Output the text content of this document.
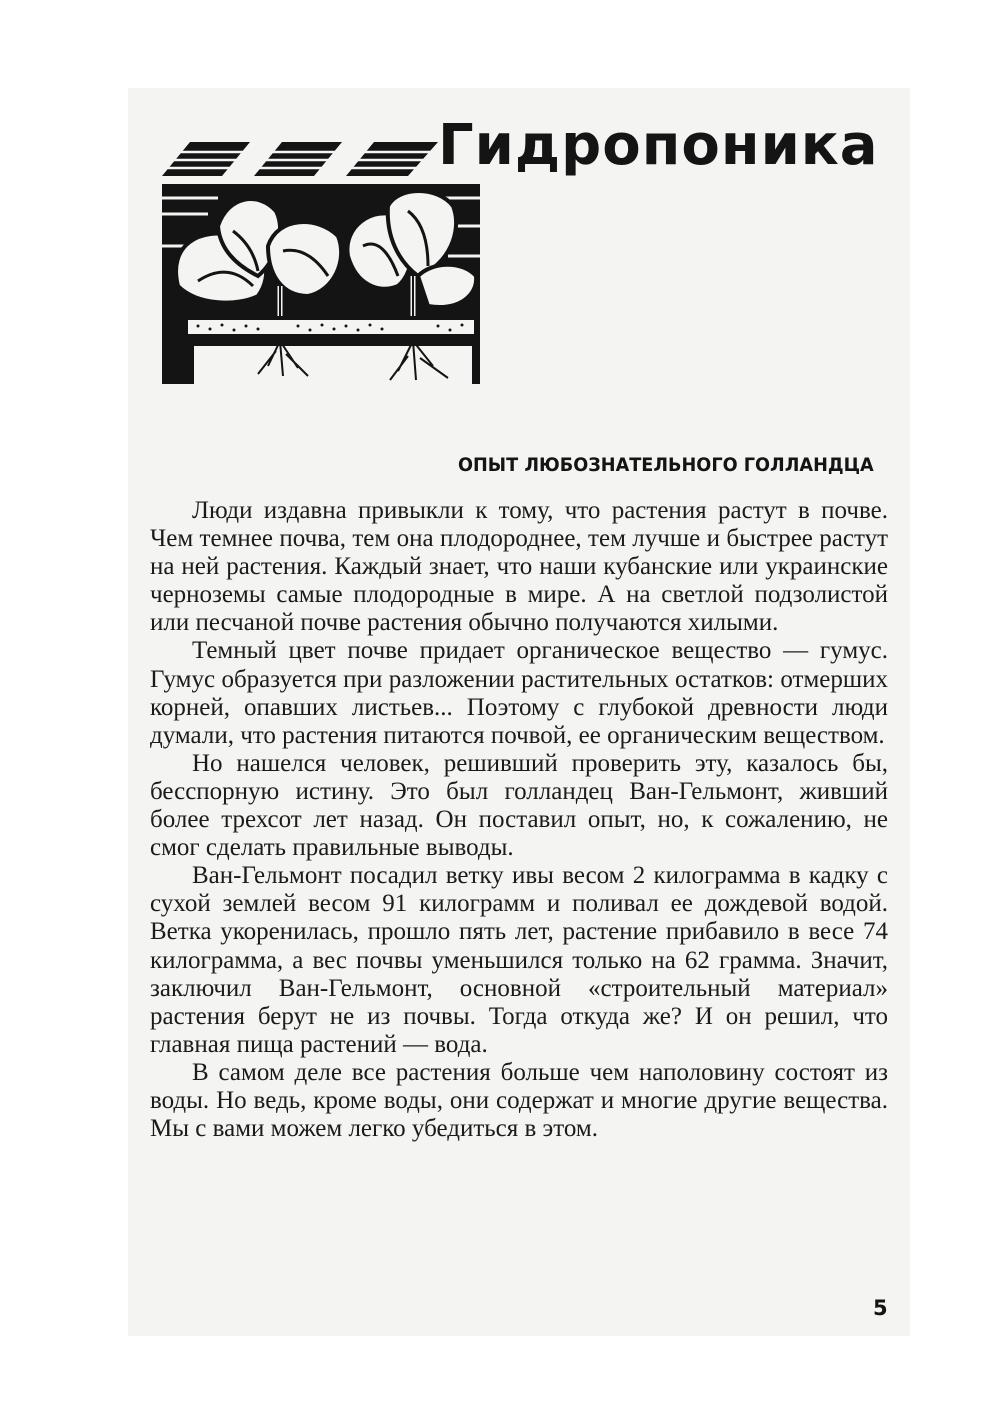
Гидропоника
ОПЫТ ЛЮБОЗНАТЕЛЬНОГО ГОЛЛАНДЦА

Люди издавна привыкли к тому, что растения растут в почве. Чем темнее почва, тем она плодороднее, тем лучше и быстрее растут на ней растения. Каждый знает, что наши кубанские или украинские черноземы самые плодородные в мире. А на светлой подзолистой или песчаной почве растения обычно получаются хилыми.

Темный цвет почве придает органическое вещество — гумус. Гумус образуется при разложении растительных остатков: отмерших корней, опавших листьев... Поэтому с глубокой древности люди думали, что растения питаются почвой, ее органическим веществом.

Но нашелся человек, решивший проверить эту, казалось бы, бесспорную истину. Это был голландец Ван-Гельмонт, живший более трехсот лет назад. Он поставил опыт, но, к сожалению, не смог сделать правильные выводы.

Ван-Гельмонт посадил ветку ивы весом 2 килограмма в кадку с сухой землей весом 91 килограмм и поливал ее дождевой водой. Ветка укоренилась, прошло пять лет, растение прибавило в весе 74 килограмма, а вес почвы уменьшился только на 62 грамма. Значит, заключил Ван-Гельмонт, основной «строительный материал» растения берут не из почвы. Тогда откуда же? И он решил, что главная пища растений — вода.

В самом деле все растения больше чем наполовину состоят из воды. Но ведь, кроме воды, они содержат и многие другие вещества. Мы с вами можем легко убедиться в этом.

5
